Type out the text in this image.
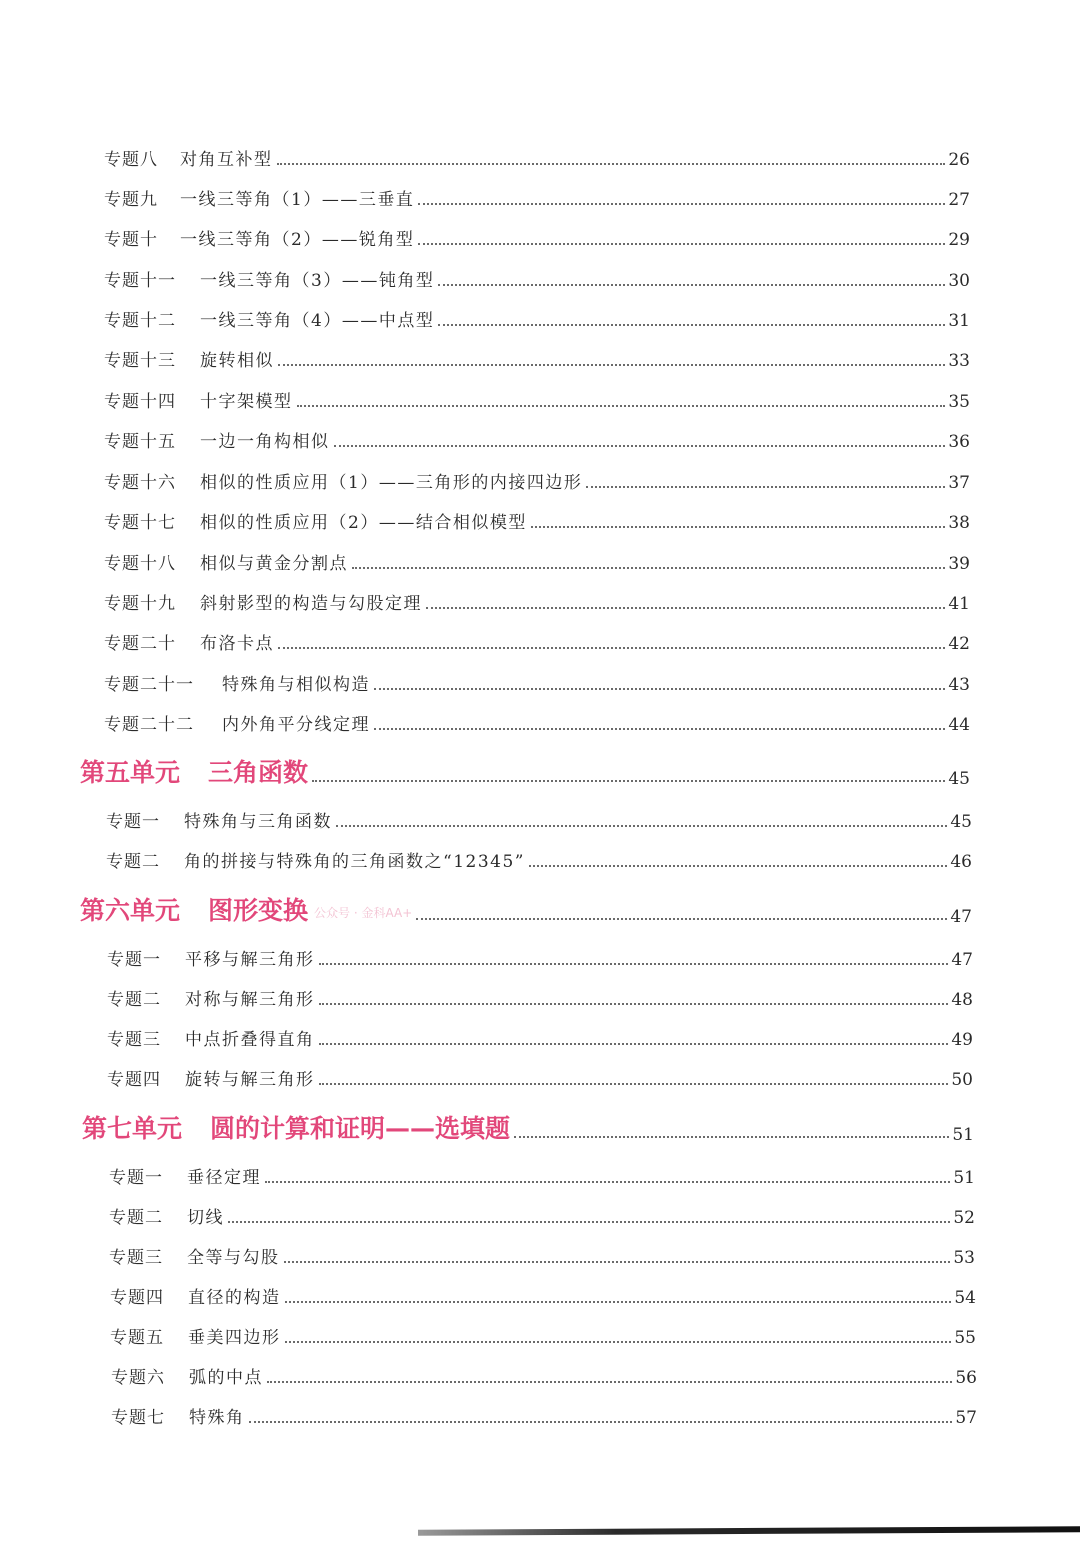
专题八	对角互补型	26
专题九	一线三等角（1）——三垂直	27
专题十	一线三等角（2）——锐角型	29
专题十一	一线三等角（3）——钝角型	30
专题十二	一线三等角（4）——中点型	31
专题十三	旋转相似	33
专题十四	十字架模型	35
专题十五	一边一角构相似	36
专题十六	相似的性质应用（1）——三角形的内接四边形	37
专题十七	相似的性质应用（2）——结合相似模型	38
专题十八	相似与黄金分割点	39
专题十九	斜射影型的构造与勾股定理	41
专题二十	布洛卡点	42
专题二十一	特殊角与相似构造	43
专题二十二	内外角平分线定理	44
第五单元 三角函数	45
专题一	特殊角与三角函数	45
专题二	角的拼接与特殊角的三角函数之“12345”	46
第六单元 图形变换 公众号 · 金科AA+	47
专题一	平移与解三角形	47
专题二	对称与解三角形	48
专题三	中点折叠得直角	49
专题四	旋转与解三角形	50
第七单元 圆的计算和证明——选填题	51
专题一	垂径定理	51
专题二	切线	52
专题三	全等与勾股	53
专题四	直径的构造	54
专题五	垂美四边形	55
专题六	弧的中点	56
专题七	特殊角	57
